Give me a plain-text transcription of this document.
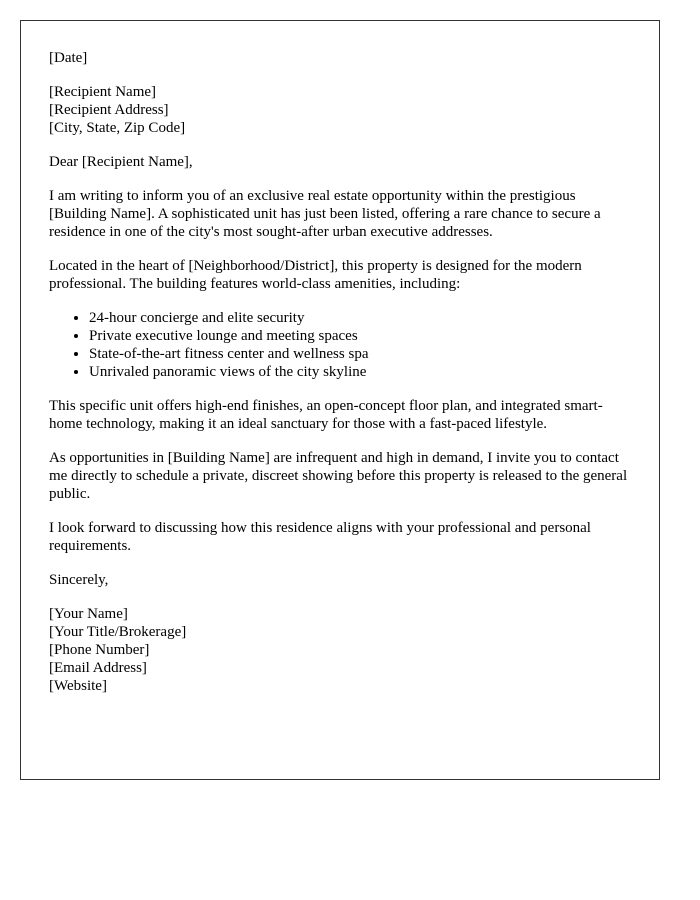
[Date]

[Recipient Name]
[Recipient Address]
[City, State, Zip Code]

Dear [Recipient Name],

I am writing to inform you of an exclusive real estate opportunity within the prestigious [Building Name]. A sophisticated unit has just been listed, offering a rare chance to secure a residence in one of the city's most sought-after urban executive addresses.

Located in the heart of [Neighborhood/District], this property is designed for the modern professional. The building features world-class amenities, including:

• 24-hour concierge and elite security
• Private executive lounge and meeting spaces
• State-of-the-art fitness center and wellness spa
• Unrivaled panoramic views of the city skyline

This specific unit offers high-end finishes, an open-concept floor plan, and integrated smart-home technology, making it an ideal sanctuary for those with a fast-paced lifestyle.

As opportunities in [Building Name] are infrequent and high in demand, I invite you to contact me directly to schedule a private, discreet showing before this property is released to the general public.

I look forward to discussing how this residence aligns with your professional and personal requirements.

Sincerely,

[Your Name]
[Your Title/Brokerage]
[Phone Number]
[Email Address]
[Website]
